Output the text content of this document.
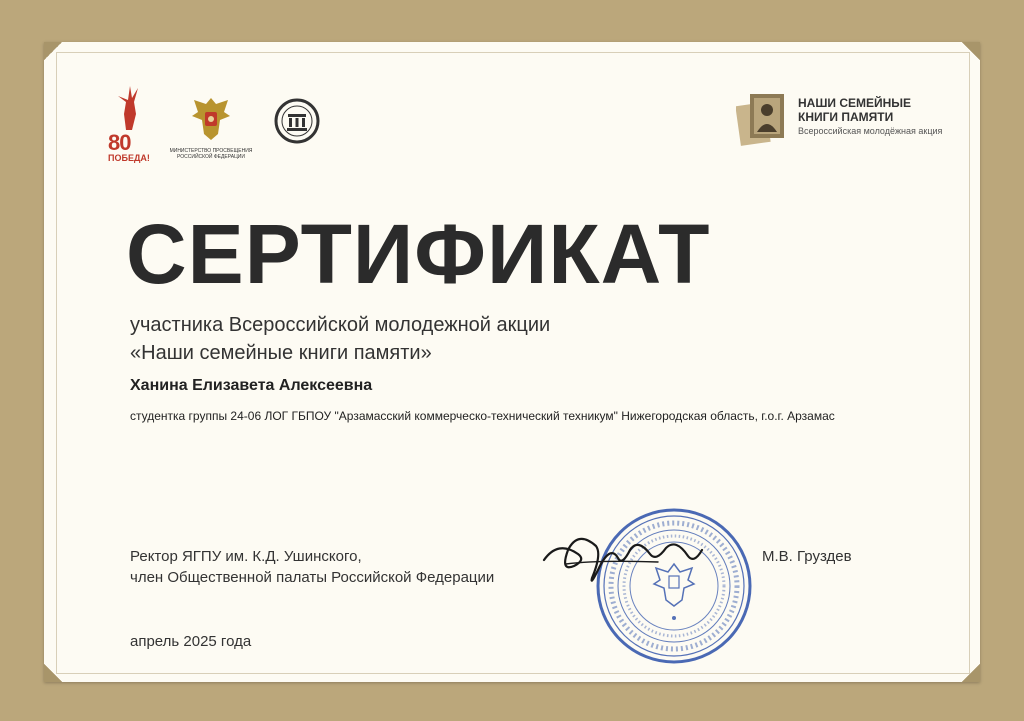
80
ПОБЕДА!
МИНИСТЕРСТВО ПРОСВЕЩЕНИЯ РОССИЙСКОЙ ФЕДЕРАЦИИ
НАШИ СЕМЕЙНЫЕ КНИГИ ПАМЯТИ
Всероссийская молодёжная акция
СЕРТИФИКАТ
участника Всероссийской молодежной акции
«Наши семейные книги памяти»
Ханина Елизавета Алексеевна
студентка группы 24-06 ЛОГ ГБПОУ "Арзамасский коммерческо-технический техникум" Нижегородская область, г.о.г. Арзамас
Ректор ЯГПУ им. К.Д. Ушинского,
член Общественной палаты Российской Федерации
М.В. Груздев
апрель 2025 года
